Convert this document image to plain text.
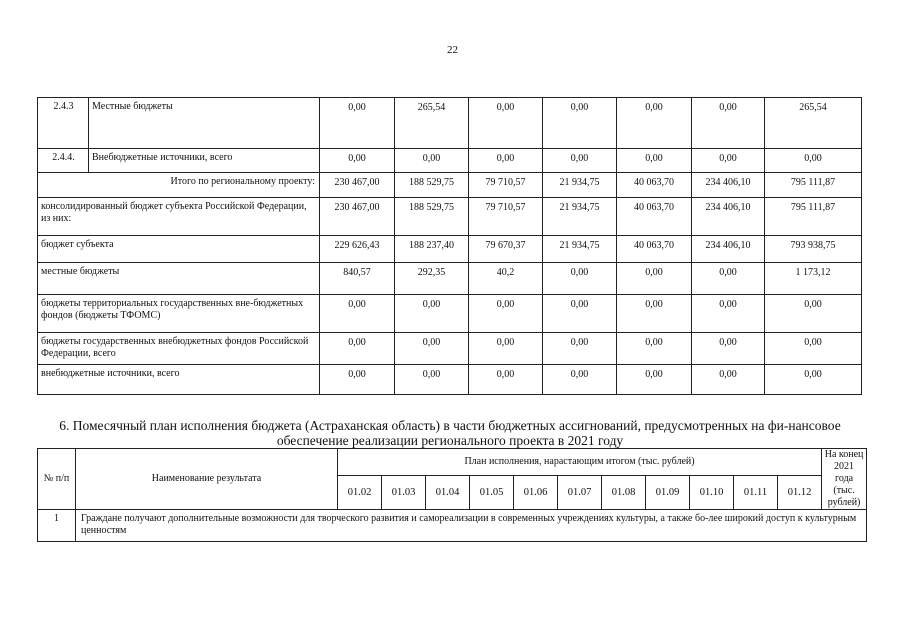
22
2.4.3	Местные бюджеты	0,00	265,54	0,00	0,00	0,00	0,00	265,54
2.4.4.	Внебюджетные источники, всего	0,00	0,00	0,00	0,00	0,00	0,00	0,00
Итого по региональному проекту:		230 467,00	188 529,75	79 710,57	21 934,75	40 063,70	234 406,10	795 111,87
консолидированный бюджет субъекта Российской Федерации, из них:		230 467,00	188 529,75	79 710,57	21 934,75	40 063,70	234 406,10	795 111,87
бюджет субъекта		229 626,43	188 237,40	79 670,37	21 934,75	40 063,70	234 406,10	793 938,75
местные бюджеты		840,57	292,35	40,2	0,00	0,00	0,00	1 173,12
бюджеты территориальных государственных вне-бюджетных фондов (бюджеты ТФОМС)		0,00	0,00	0,00	0,00	0,00	0,00	0,00
бюджеты государственных внебюджетных фондов Российской Федерации, всего		0,00	0,00	0,00	0,00	0,00	0,00	0,00
внебюджетные источники, всего		0,00	0,00	0,00	0,00	0,00	0,00	0,00
6. Помесячный план исполнения бюджета (Астраханская область) в части бюджетных ассигнований, предусмотренных на фи-нансовое обеспечение реализации регионального проекта в 2021 году
№ п/п	Наименование результата	План исполнения, нарастающим итогом (тыс. рублей)											На конец 2021 года (тыс. рублей)
		01.02	01.03	01.04	01.05	01.06	01.07	01.08	01.09	01.10	01.11	01.12	
1	Граждане получают дополнительные возможности для творческого развития и самореализации в современных учреждениях культуры, а также бо-лее широкий доступ к культурным ценностям												
